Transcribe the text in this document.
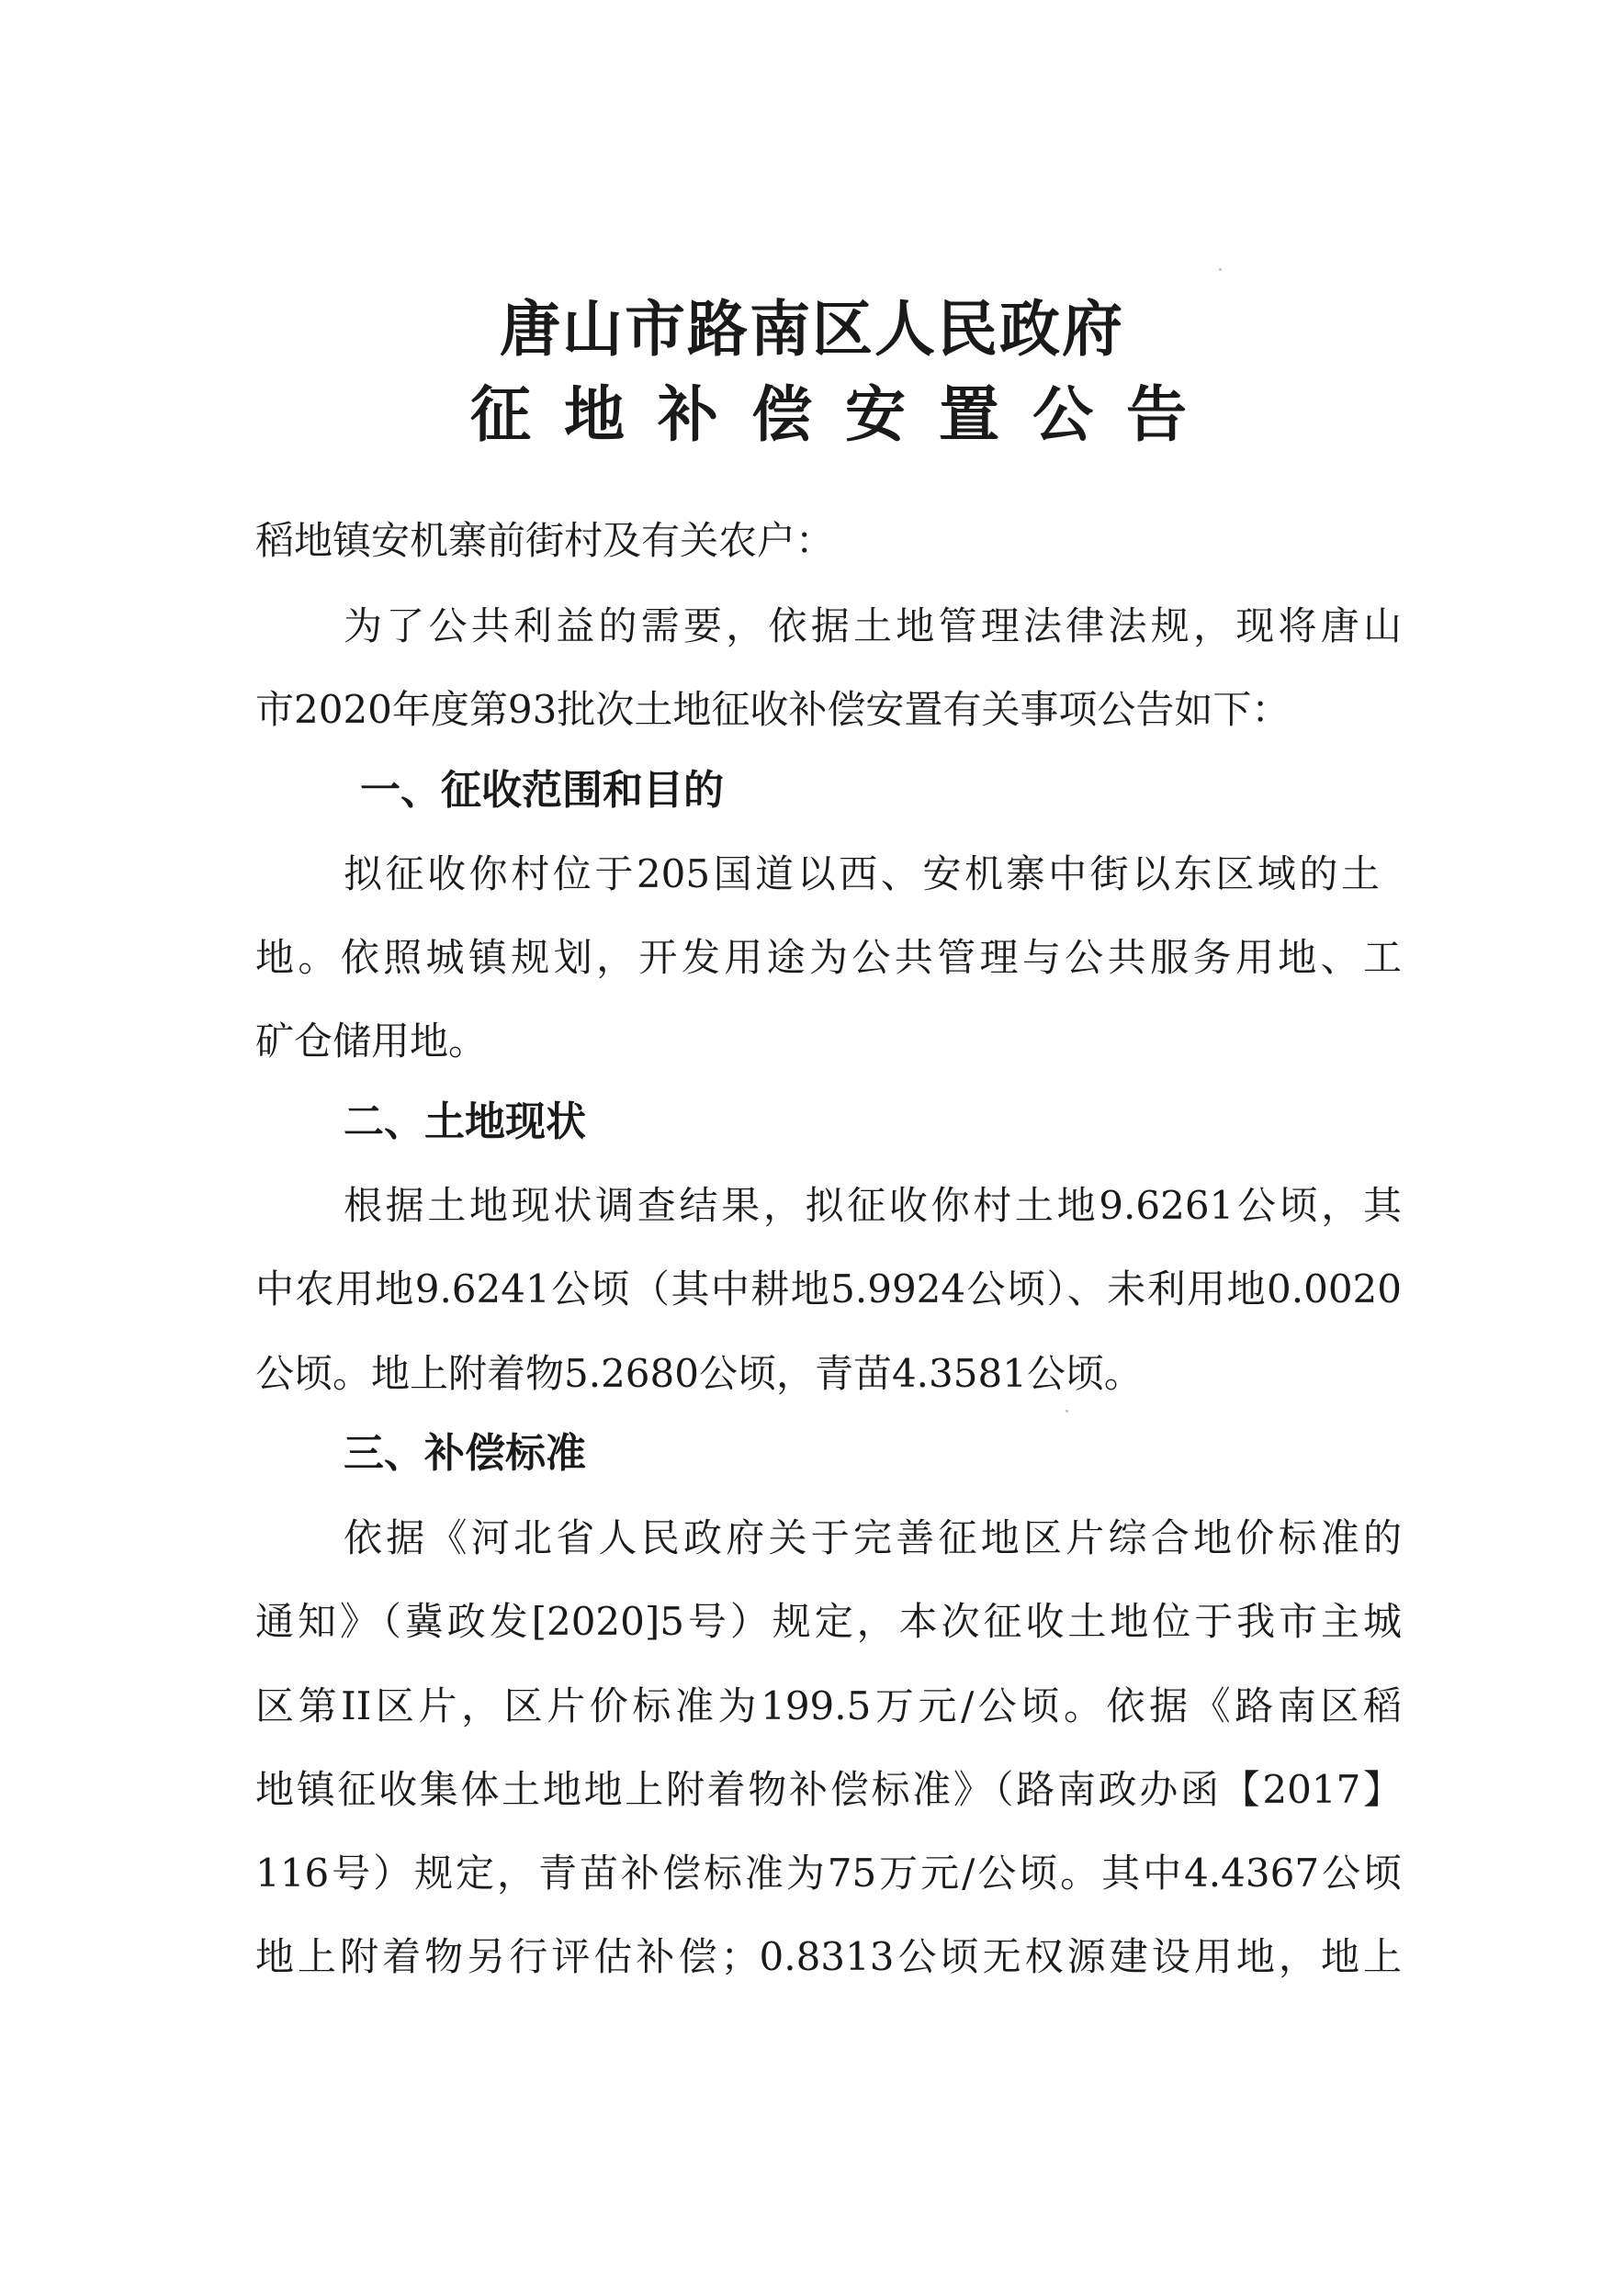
唐山市路南区人民政府
征地补偿安置公告
稻地镇安机寨前街村及有关农户：
为了公共利益的需要，依据土地管理法律法规，现将唐山
市2020年度第93批次土地征收补偿安置有关事项公告如下：
一、征收范围和目的
拟征收你村位于205国道以西、安机寨中街以东区域的土
地。依照城镇规划，开发用途为公共管理与公共服务用地、工
矿仓储用地。
二、土地现状
根据土地现状调查结果，拟征收你村土地9.6261公顷，其
中农用地9.6241公顷（其中耕地5.9924公顷）、未利用地0.0020
公顷。地上附着物5.2680公顷，青苗4.3581公顷。
三、补偿标准
依据《河北省人民政府关于完善征地区片综合地价标准的
通知》（冀政发[2020]5号）规定，本次征收土地位于我市主城
区第II区片，区片价标准为199.5万元/公顷。依据《路南区稻
地镇征收集体土地地上附着物补偿标准》（路南政办函【2017】
116号）规定，青苗补偿标准为75万元/公顷。其中4.4367公顷
地上附着物另行评估补偿；0.8313公顷无权源建设用地，地上
